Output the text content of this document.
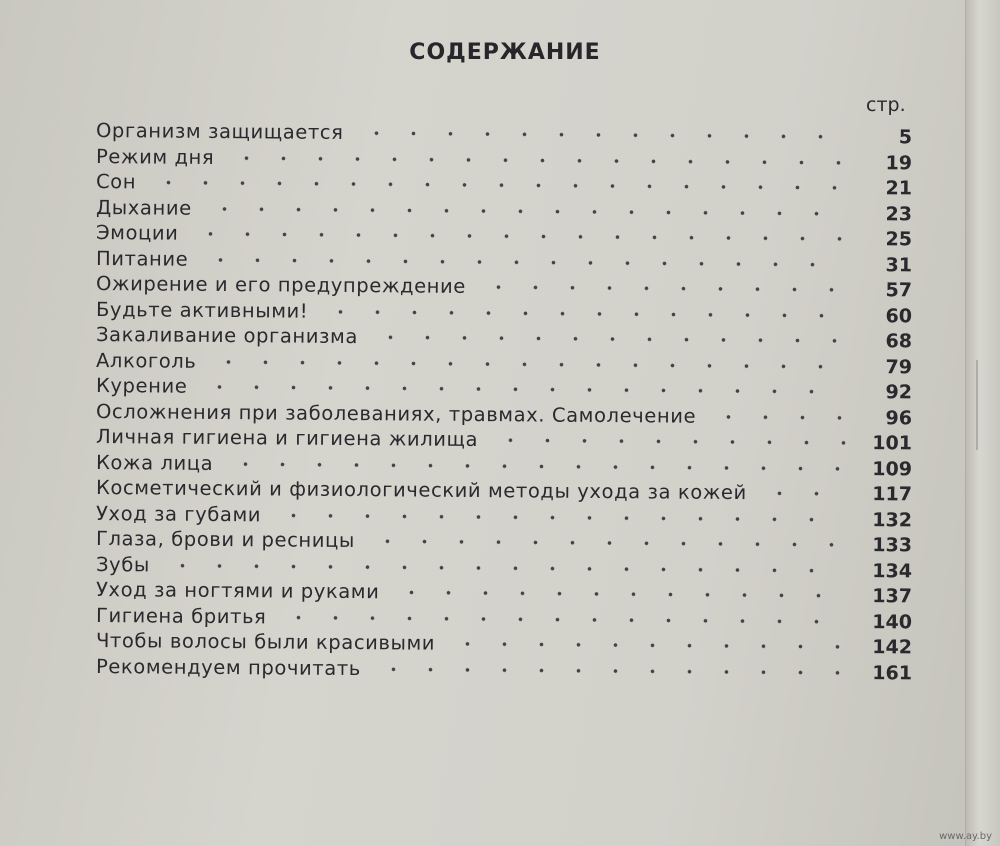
СОДЕРЖАНИЕ
стр.
Организм защищается	5
Режим дня	19
Сон	21
Дыхание	23
Эмоции	25
Питание	31
Ожирение и его предупреждение	57
Будьте активными!	60
Закаливание организма	68
Алкоголь	79
Курение	92
Осложнения при заболеваниях, травмах. Самолечение	96
Личная гигиена и гигиена жилища	101
Кожа лица	109
Косметический и физиологический методы ухода за кожей	117
Уход за губами	132
Глаза, брови и ресницы	133
Зубы	134
Уход за ногтями и руками	137
Гигиена бритья	140
Чтобы волосы были красивыми	142
Рекомендуем прочитать	161
www.ay.by
